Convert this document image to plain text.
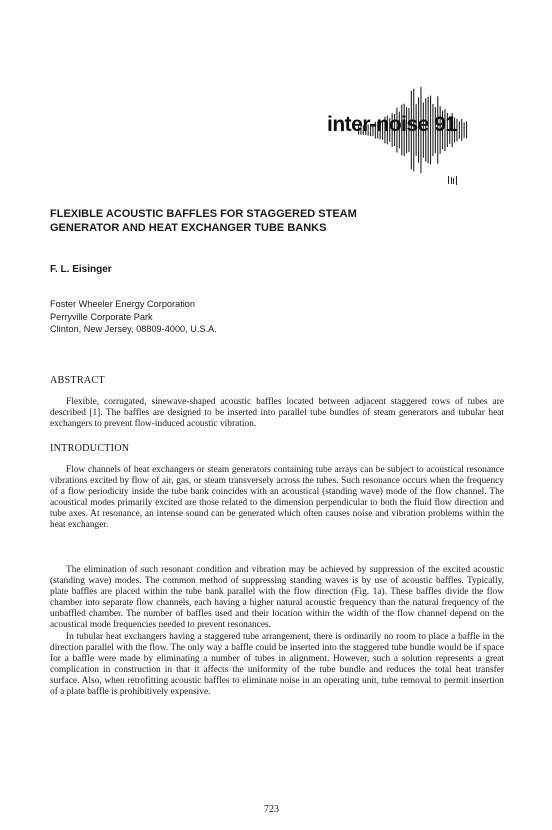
inter-noise 91
FLEXIBLE ACOUSTIC BAFFLES FOR STAGGERED STEAM
GENERATOR AND HEAT EXCHANGER TUBE BANKS
F. L. Eisinger
Foster Wheeler Energy Corporation
Perryville Corporate Park
Clinton, New Jersey, 08809-4000, U.S.A.
ABSTRACT
Flexible, corrugated, sinewave-shaped acoustic baffles located between adjacent staggered rows of tubes are described [1]. The baffles are designed to be inserted into parallel tube bundles of steam generators and tubular heat exchangers to prevent flow-induced acoustic vibration.
INTRODUCTION
Flow channels of heat exchangers or steam generators containing tube arrays can be subject to acoustical resonance vibrations excited by flow of air, gas, or steam transversely across the tubes. Such resonance occurs when the frequency of a flow periodicity inside the tube bank coincides with an acoustical (standing wave) mode of the flow channel. The acoustical modes primarily excited are those related to the dimension perpendicular to both the fluid flow direction and tube axes. At resonance, an intense sound can be generated which often causes noise and vibration problems within the heat exchanger.
The elimination of such resonant condition and vibration may be achieved by suppression of the excited acoustic (standing wave) modes. The common method of suppressing standing waves is by use of acoustic baffles. Typically, plate baffles are placed within the tube bank parallel with the flow direction (Fig. 1a). These baffles divide the flow chamber into separate flow channels, each having a higher natural acoustic frequency than the natural frequency of the unbaffled chamber. The number of baffles used and their location within the width of the flow channel depend on the acoustical mode frequencies needed to prevent resonances.
In tubular heat exchangers having a staggered tube arrangement, there is ordinarily no room to place a baffle in the direction parallel with the flow. The only way a baffle could be inserted into the staggered tube bundle would be if space for a baffle were made by eliminating a number of tubes in alignment. However, such a solution represents a great complication in construction in that it affects the uniformity of the tube bundle and reduces the total heat transfer surface. Also, when retrofitting acoustic baffles to eliminate noise in an operating unit, tube removal to permit insertion of a plate baffle is prohibitively expensive.
723
